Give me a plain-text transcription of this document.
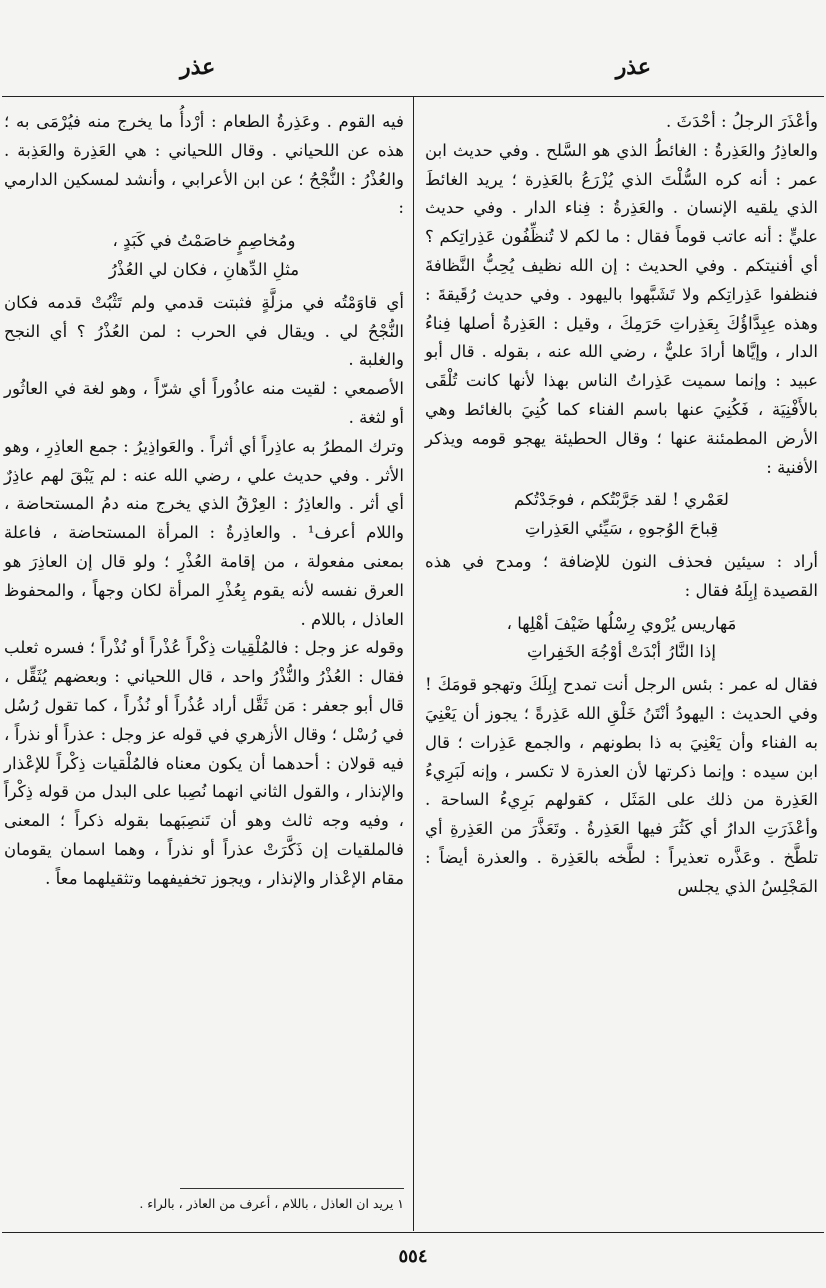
عذر
عذر

وأعْذَرَ الرجلُ : أحْدَثَ .

والعاذِرُ والعَذِرةُ : الغائطُ الذي هو السَّلح . وفي حديث ابن عمر : أنه كره السُّلْتَ الذي يُزْرَعُ بالعَذِرة ؛ يريد الغائطَ الذي يلقيه الإنسان . والعَذِرةُ : فِناء الدار . وفي حديث عليٍّ : أنه عاتب قوماً فقال : ما لكم لا تُنظِّفُون عَذِراتِكم ؟ أي أفنيتكم . وفي الحديث : إن الله نظيف يُحِبُّ النَّظافةَ فنظفوا عَذِراتِكم ولا تَشَبَّهوا باليهود . وفي حديث رُقَيقةَ : وهذه عِبِدَّاؤُكَ بِعَذِراتِ حَرَمِكَ ، وقيل : العَذِرةُ أصلها فِناءُ الدار ، وإيَّاها أرادَ عليٌّ ، رضي الله عنه ، بقوله . قال أبو عبيد : وإنما سميت عَذِراتُ الناس بهذا لأنها كانت تُلْقَى بالأَفْنِيَة ، فَكُنِيَ عنها باسم الفناء كما كُنِيَ بالغائط وهي الأرض المطمئنة عنها ؛ وقال الحطيئة يهجو قومه ويذكر الأفنية :

لعَمْري ! لقد جَرَّبْتُكم ، فوجَدْتُكم
قِباحَ الوُجوهِ ، سَيِّئي العَذِراتِ

أراد : سيئين فحذف النون للإضافة ؛ ومدح في هذه القصيدة إبِلَهُ فقال :

مَهاريس يُرْوي رِسْلُها ضَيْفَ أهْلِها ،
إذا النَّارُ أبْدَتْ أوْجُهَ الخَفِراتِ

فقال له عمر : بئس الرجل أنت تمدح إبِلَكَ وتهجو قومَكَ ! وفي الحديث : اليهودُ أنْتَنُ خَلْقِ الله عَذِرةً ؛ يجوز أن يَعْنِيَ به الفناء وأن يَعْنِيَ به ذا بطونهم ، والجمع عَذِرات ؛ قال ابن سيده : وإنما ذكرتها لأن العذرة لا تكسر ، وإنه لَبَرِيءُ العَذِرة من ذلك على المَثَل ، كقولهم بَرِيءُ الساحة . وأعْذَرَتِ الدارُ أي كَثُرَ فيها العَذِرةُ . وتَعَذَّرَ من العَذِرةِ أي تلطَّخ . وعَذَّره تعذيراً : لطَّخه بالعَذِرة . والعذرة أيضاً : المَجْلِسُ الذي يجلس

فيه القوم . وعَذِرةُ الطعام : أرْدأُ ما يخرج منه فيُرْمَى به ؛ هذه عن اللحياني . وقال اللحياني : هي العَذِرة والعَذِبة . والعُذْرُ : النُّجْحُ ؛ عن ابن الأعرابي ، وأنشد لمسكين الدارمي :

ومُخاصِمٍ خاصَمْتُ في كَبَدٍ ،
مثلِ الدِّهانِ ، فكان لي العُذْرُ

أي قاوَمْتُه في مزلَّةٍ فثبتت قدمي ولم تَثْبُتْ قدمه فكان النُّجْحُ لي . ويقال في الحرب : لمن العُذْرُ ؟ أي النجح والغلبة .

الأصمعي : لقيت منه عاذُوراً أي شرّاً ، وهو لغة في العاثُور أو لثغة .

وترك المطرُ به عاذِراً أي أثراً . والعَواذِيرُ : جمع العاذِرِ ، وهو الأثر . وفي حديث علي ، رضي الله عنه : لم يَبْقَ لهم عاذِرٌ أي أثر . والعاذِرُ : العِرْقُ الذي يخرج منه دمُ المستحاضة ، واللام أعرف¹ . والعاذِرةُ : المرأة المستحاضة ، فاعلة بمعنى مفعولة ، من إقامة العُذْرِ ؛ ولو قال إن العاذِرَ هو العرق نفسه لأنه يقوم بِعُذْرِ المرأة لكان وجهاً ، والمحفوظ العاذل ، باللام .

وقوله عز وجل : فالمُلْقِيات ذِكْراً عُذْراً أو نُذْراً ؛ فسره ثعلب فقال : العُذْرُ والنُّذْرُ واحد ، قال اللحياني : وبعضهم يُثَقِّل ، قال أبو جعفر : مَن ثَقَّل أراد عُذُراً أو نُذُراً ، كما تقول رُسُل في رُسْل ؛ وقال الأزهري في قوله عز وجل : عذراً أو نذراً ، فيه قولان : أحدهما أن يكون معناه فالمُلْقيات ذِكْراً للإعْذار والإنذار ، والقول الثاني انهما نُصِبا على البدل من قوله ذِكْراً ، وفيه وجه ثالث وهو أن تَنصِبَهما بقوله ذكراً ؛ المعنى فالملقيات إن ذَكَّرَتْ عذراً أو نذراً ، وهما اسمان يقومان مقام الإعْذار والإنذار ، ويجوز تخفيفهما وتثقيلهما معاً .

١ يريد ان العاذل ، باللام ، أعرف من العاذر ، بالراء .
٥٥٤
